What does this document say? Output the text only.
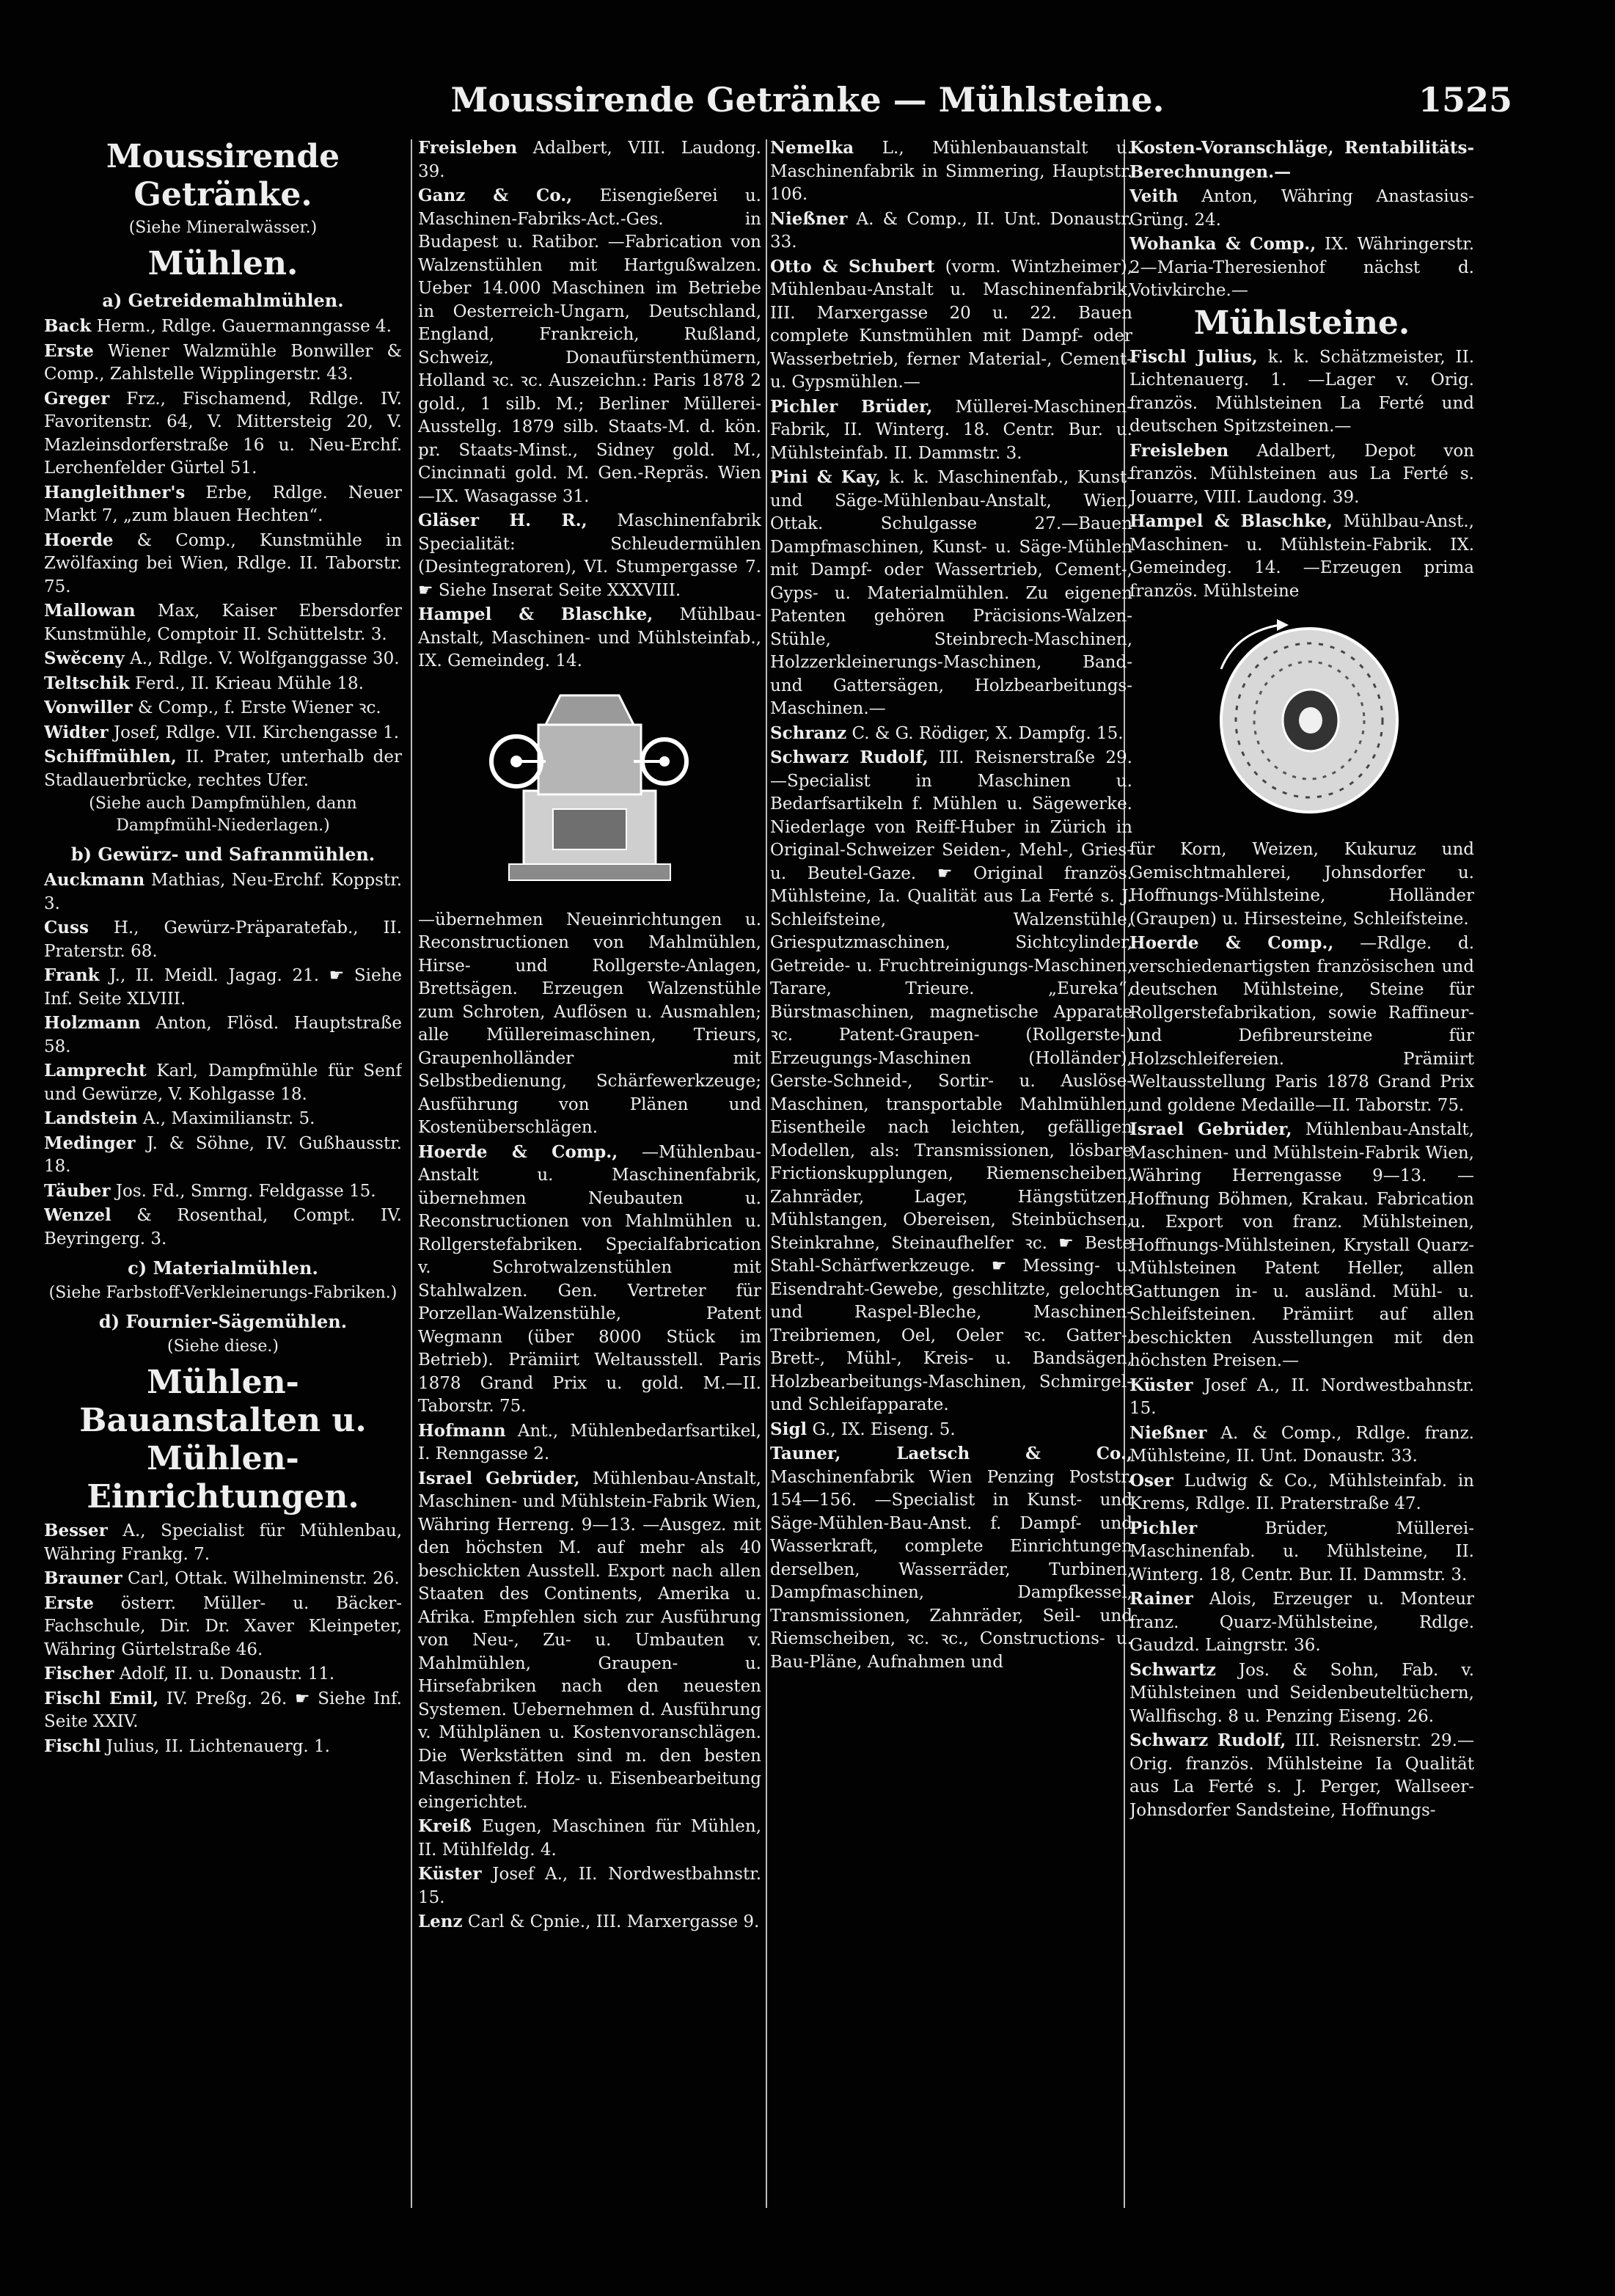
Moussirende Getränke — Mühlsteine.	1525
Moussirende Getränke.
(Siehe Mineralwässer.)
Mühlen.
a) Getreidemahlmühlen.
Back Herm., Rdlge. Gauermanngasse 4.
Erste Wiener Walzmühle Bonwiller & Comp., Zahlstelle Wipplingerstr. 43.
Greger Frz., Fischamend, Rdlge. IV. Favoritenstr. 64, V. Mittersteig 20, V. Mazleinsdorferstraße 16 u. Neu-Erchf. Lerchenfelder Gürtel 51.
Hangleithner's Erbe, Rdlge. Neuer Markt 7, „zum blauen Hechten“.
Hoerde & Comp., Kunstmühle in Zwölfaxing bei Wien, Rdlge. II. Taborstr. 75.
Mallowan Max, Kaiser Ebersdorfer Kunstmühle, Comptoir II. Schüttelstr. 3.
Swěceny A., Rdlge. V. Wolfganggasse 30.
Teltschik Ferd., II. Krieau Mühle 18.
Vonwiller & Comp., f. Erste Wiener ꝛc.
Widter Josef, Rdlge. VII. Kirchengasse 1.
Schiffmühlen, II. Prater, unterhalb der Stadlauerbrücke, rechtes Ufer.
(Siehe auch Dampfmühlen, dann Dampfmühl-Niederlagen.)
b) Gewürz- und Safranmühlen.
Auckmann Mathias, Neu-Erchf. Koppstr. 3.
Cuss H., Gewürz-Präparatefab., II. Praterstr. 68.
Frank J., II. Meidl. Jagag. 21. ☛ Siehe Inf. Seite XLVIII.
Holzmann Anton, Flösd. Hauptstraße 58.
Lamprecht Karl, Dampfmühle für Senf und Gewürze, V. Kohlgasse 18.
Landstein A., Maximilianstr. 5.
Medinger J. & Söhne, IV. Gußhausstr. 18.
Täuber Jos. Fd., Smrng. Feldgasse 15.
Wenzel & Rosenthal, Compt. IV. Beyringerg. 3.
c) Materialmühlen.
(Siehe Farbstoff-Verkleinerungs-Fabriken.)
d) Fournier-Sägemühlen.
(Siehe diese.)
Mühlen-Bauanstalten u. Mühlen-Einrichtungen.
Besser A., Specialist für Mühlenbau, Währing Frankg. 7.
Brauner Carl, Ottak. Wilhelminenstr. 26.
Erste österr. Müller- u. Bäcker-Fachschule, Dir. Dr. Xaver Kleinpeter, Währing Gürtelstraße 46.
Fischer Adolf, II. u. Donaustr. 11.
Fischl Emil, IV. Preßg. 26. ☛ Siehe Inf. Seite XXIV.
Fischl Julius, II. Lichtenauerg. 1.
Freisleben Adalbert, VIII. Laudong. 39.
Ganz & Co., Eisengießerei u. Maschinen-Fabriks-Act.-Ges. in Budapest u. Ratibor. —Fabrication von Walzenstühlen mit Hartgußwalzen. Ueber 14.000 Maschinen im Betriebe in Oesterreich-Ungarn, Deutschland, England, Frankreich, Rußland, Schweiz, Donaufürstenthümern, Holland ꝛc. ꝛc. Auszeichn.: Paris 1878 2 gold., 1 silb. M.; Berliner Müllerei-Ausstellg. 1879 silb. Staats-M. d. kön. pr. Staats-Minst., Sidney gold. M., Cincinnati gold. M. Gen.-Repräs. Wien—IX. Wasagasse 31.
Gläser H. R., Maschinenfabrik Specialität: Schleudermühlen (Desintegratoren), VI. Stumpergasse 7. ☛ Siehe Inserat Seite XXXVIII.
Hampel & Blaschke, Mühlbau-Anstalt, Maschinen- und Mühlsteinfab., IX. Gemeindeg. 14.
—übernehmen Neueinrichtungen u. Reconstructionen von Mahlmühlen, Hirse- und Rollgerste-Anlagen, Brettsägen. Erzeugen Walzenstühle zum Schroten, Auflösen u. Ausmahlen; alle Müllereimaschinen, Trieurs, Graupenholländer mit Selbstbedienung, Schärfewerkzeuge; Ausführung von Plänen und Kostenüberschlägen.
Hoerde & Comp., —Mühlenbau-Anstalt u. Maschinenfabrik, übernehmen Neubauten u. Reconstructionen von Mahlmühlen u. Rollgerstefabriken. Specialfabrication v. Schrotwalzenstühlen mit Stahlwalzen. Gen. Vertreter für Porzellan-Walzenstühle, Patent Wegmann (über 8000 Stück im Betrieb). Prämiirt Weltausstell. Paris 1878 Grand Prix u. gold. M.—II. Taborstr. 75.
Hofmann Ant., Mühlenbedarfsartikel, I. Renngasse 2.
Israel Gebrüder, Mühlenbau-Anstalt, Maschinen- und Mühlstein-Fabrik Wien, Währing Herreng. 9—13. —Ausgez. mit den höchsten M. auf mehr als 40 beschickten Ausstell. Export nach allen Staaten des Continents, Amerika u. Afrika. Empfehlen sich zur Ausführung von Neu-, Zu- u. Umbauten v. Mahlmühlen, Graupen- u. Hirsefabriken nach den neuesten Systemen. Uebernehmen d. Ausführung v. Mühlplänen u. Kostenvoranschlägen. Die Werkstätten sind m. den besten Maschinen f. Holz- u. Eisenbearbeitung eingerichtet.
Kreiß Eugen, Maschinen für Mühlen, II. Mühlfeldg. 4.
Küster Josef A., II. Nordwestbahnstr. 15.
Lenz Carl & Cpnie., III. Marxergasse 9.
Nemelka L., Mühlenbauanstalt u. Maschinenfabrik in Simmering, Hauptstr. 106.
Nießner A. & Comp., II. Unt. Donaustr. 33.
Otto & Schubert (vorm. Wintzheimer), Mühlenbau-Anstalt u. Maschinenfabrik, III. Marxergasse 20 u. 22. Bauen complete Kunstmühlen mit Dampf- oder Wasserbetrieb, ferner Material-, Cement- u. Gypsmühlen.—
Pichler Brüder, Müllerei-Maschinen-Fabrik, II. Winterg. 18. Centr. Bur. u. Mühlsteinfab. II. Dammstr. 3.
Pini & Kay, k. k. Maschinenfab., Kunst- und Säge-Mühlenbau-Anstalt, Wien, Ottak. Schulgasse 27.—Bauen Dampfmaschinen, Kunst- u. Säge-Mühlen mit Dampf- oder Wassertrieb, Cement-, Gyps- u. Materialmühlen. Zu eigenen Patenten gehören Präcisions-Walzen-Stühle, Steinbrech-Maschinen, Holzzerkleinerungs-Maschinen, Band- und Gattersägen, Holzbearbeitungs-Maschinen.—
Schranz C. & G. Rödiger, X. Dampfg. 15.
Schwarz Rudolf, III. Reisnerstraße 29. —Specialist in Maschinen u. Bedarfsartikeln f. Mühlen u. Sägewerke. Niederlage von Reiff-Huber in Zürich in Original-Schweizer Seiden-, Mehl-, Gries- u. Beutel-Gaze. ☛ Original französ. Mühlsteine, Ia. Qualität aus La Ferté s. J. Schleifsteine, Walzenstühle, Griesputzmaschinen, Sichtcylinder, Getreide- u. Fruchtreinigungs-Maschinen, Tarare, Trieure. „Eureka“, Bürstmaschinen, magnetische Apparate ꝛc. Patent-Graupen- (Rollgerste-) Erzeugungs-Maschinen (Holländer), Gerste-Schneid-, Sortir- u. Auslöse-Maschinen, transportable Mahlmühlen, Eisentheile nach leichten, gefälligen Modellen, als: Transmissionen, lösbare Frictionskupplungen, Riemenscheiben, Zahnräder, Lager, Hängstützen, Mühlstangen, Obereisen, Steinbüchsen, Steinkrahne, Steinaufhelfer ꝛc. ☛ Beste Stahl-Schärfwerkzeuge. ☛ Messing- u. Eisendraht-Gewebe, geschlitzte, gelochte und Raspel-Bleche, Maschinen-Treibriemen, Oel, Oeler ꝛc. Gatter-, Brett-, Mühl-, Kreis- u. Bandsägen, Holzbearbeitungs-Maschinen, Schmirgel- und Schleifapparate.
Sigl G., IX. Eiseng. 5.
Tauner, Laetsch & Co., Maschinenfabrik Wien Penzing Poststr. 154—156. —Specialist in Kunst- und Säge-Mühlen-Bau-Anst. f. Dampf- und Wasserkraft, complete Einrichtungen derselben, Wasserräder, Turbinen, Dampfmaschinen, Dampfkessel, Transmissionen, Zahnräder, Seil- und Riemscheiben, ꝛc. ꝛc., Constructions- u. Bau-Pläne, Aufnahmen und
Kosten-Voranschläge, Rentabilitäts-Berechnungen.—
Veith Anton, Währing Anastasius-Grüng. 24.
Wohanka & Comp., IX. Währingerstr. 2—Maria-Theresienhof nächst d. Votivkirche.—
Mühlsteine.
Fischl Julius, k. k. Schätzmeister, II. Lichtenauerg. 1. —Lager v. Orig. französ. Mühlsteinen La Ferté und deutschen Spitzsteinen.—
Freisleben Adalbert, Depot von französ. Mühlsteinen aus La Ferté s. Jouarre, VIII. Laudong. 39.
Hampel & Blaschke, Mühlbau-Anst., Maschinen- u. Mühlstein-Fabrik. IX. Gemeindeg. 14. —Erzeugen prima französ. Mühlsteine
für Korn, Weizen, Kukuruz und Gemischtmahlerei, Johnsdorfer u. Hoffnungs-Mühlsteine, Holländer (Graupen) u. Hirsesteine, Schleifsteine.
Hoerde & Comp., —Rdlge. d. verschiedenartigsten französischen und deutschen Mühlsteine, Steine für Rollgerstefabrikation, sowie Raffineur- und Defibreursteine für Holzschleifereien. Prämiirt Weltausstellung Paris 1878 Grand Prix und goldene Medaille—II. Taborstr. 75.
Israel Gebrüder, Mühlenbau-Anstalt, Maschinen- und Mühlstein-Fabrik Wien, Währing Herrengasse 9—13. —Hoffnung Böhmen, Krakau. Fabrication u. Export von franz. Mühlsteinen, Hoffnungs-Mühlsteinen, Krystall Quarz-Mühlsteinen Patent Heller, allen Gattungen in- u. ausländ. Mühl- u. Schleifsteinen. Prämiirt auf allen beschickten Ausstellungen mit den höchsten Preisen.—
Küster Josef A., II. Nordwestbahnstr. 15.
Nießner A. & Comp., Rdlge. franz. Mühlsteine, II. Unt. Donaustr. 33.
Oser Ludwig & Co., Mühlsteinfab. in Krems, Rdlge. II. Praterstraße 47.
Pichler	Brüder, Müllerei-Maschinenfab. u. Mühlsteine, II. Winterg. 18, Centr. Bur. II. Dammstr. 3.
Rainer Alois, Erzeuger u. Monteur franz. Quarz-Mühlsteine, Rdlge. Gaudzd. Laingrstr. 36.
Schwartz Jos. & Sohn, Fab. v. Mühlsteinen und Seidenbeuteltüchern, Wallfischg. 8 u. Penzing Eiseng. 26.
Schwarz Rudolf, III. Reisnerstr. 29.—Orig. französ. Mühlsteine Ia Qualität aus La Ferté s. J. Perger, Wallseer-Johnsdorfer Sandsteine, Hoffnungs-
